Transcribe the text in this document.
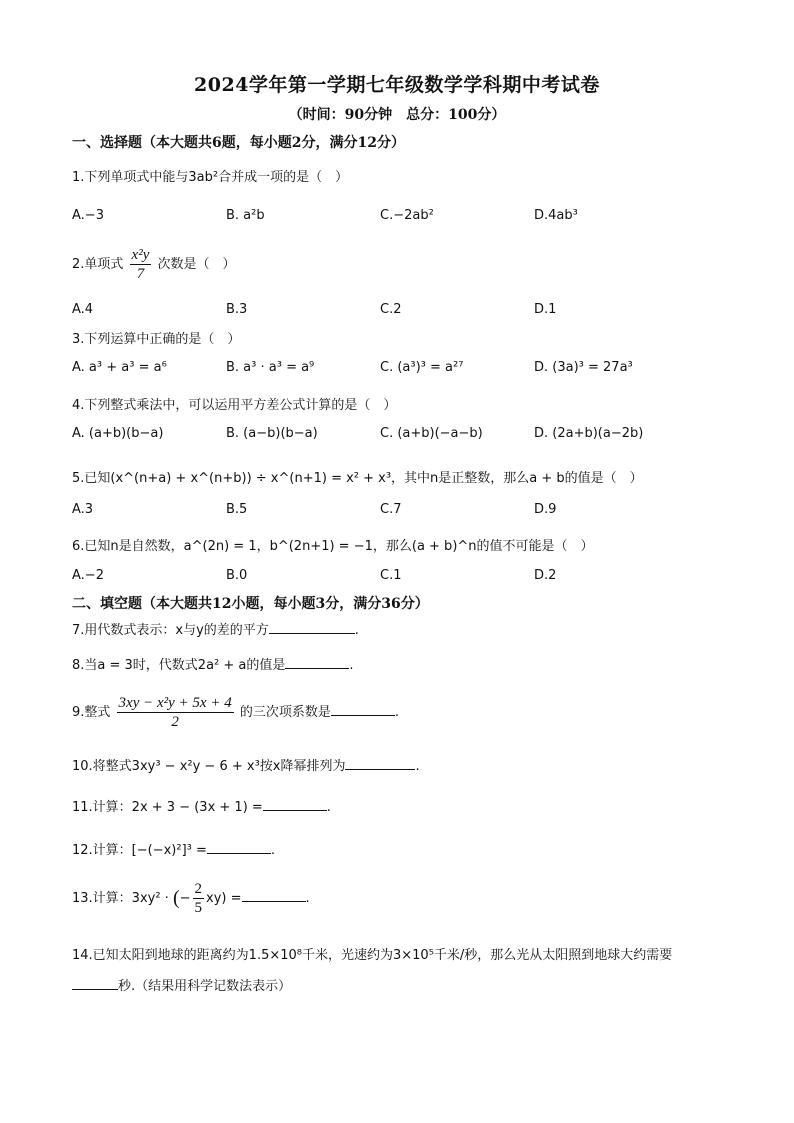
2024学年第一学期七年级数学学科期中考试卷
（时间：90分钟　总分：100分）
一、选择题（本大题共6题，每小题2分，满分12分）
1.下列单项式中能与3ab²合并成一项的是（　）
A.−3	B. a²b	C.−2ab²	D.4ab³
2.单项式 $\frac{\text{x²y}}{7}$ 次数是（　）
A.4	B.3	C.2	D.1
3.下列运算中正确的是（　）
A. a³ + a³ = a⁶	B. a³ · a³ = a⁹	C. (a³)³ = a²⁷	D. (3a)³ = 27a³
4.下列整式乘法中，可以运用平方差公式计算的是（　）
A. (a+b)(b−a)	B. (a−b)(b−a)	C. (a+b)(−a−b)	D. (2a+b)(a−2b)
5.已知(x^(n+a) + x^(n+b)) ÷ x^(n+1) = x² + x³，其中n是正整数，那么a + b的值是（　）
A.3	B.5	C.7	D.9
6.已知n是自然数，a^(2n) = 1，b^(2n+1) = −1，那么(a + b)^n的值不可能是（　）
A.−2	B.0	C.1	D.2
二、填空题（本大题共12小题，每小题3分，满分36分）
7.用代数式表示：x与y的差的平方	.
8.当a = 3时，代数式2a² + a的值是	.
9.整式 $\frac{\text{3xy − x²y + 5x + 4}}{2}$ 的三次项系数是	.
10.将整式3xy³ − x²y − 6 + x³按x降幂排列为	.
11.计算：2x + 3 − (3x + 1) =	.
12.计算：[−(−x)²]³ =	.
13.计算：3xy² · (− $\frac{2}{5} xy$) =	.
14.已知太阳到地球的距离约为1.5×10⁸千米，光速约为3×10⁵千米/秒，那么光从太阳照到地球大约需要
秒.（结果用科学记数法表示）
